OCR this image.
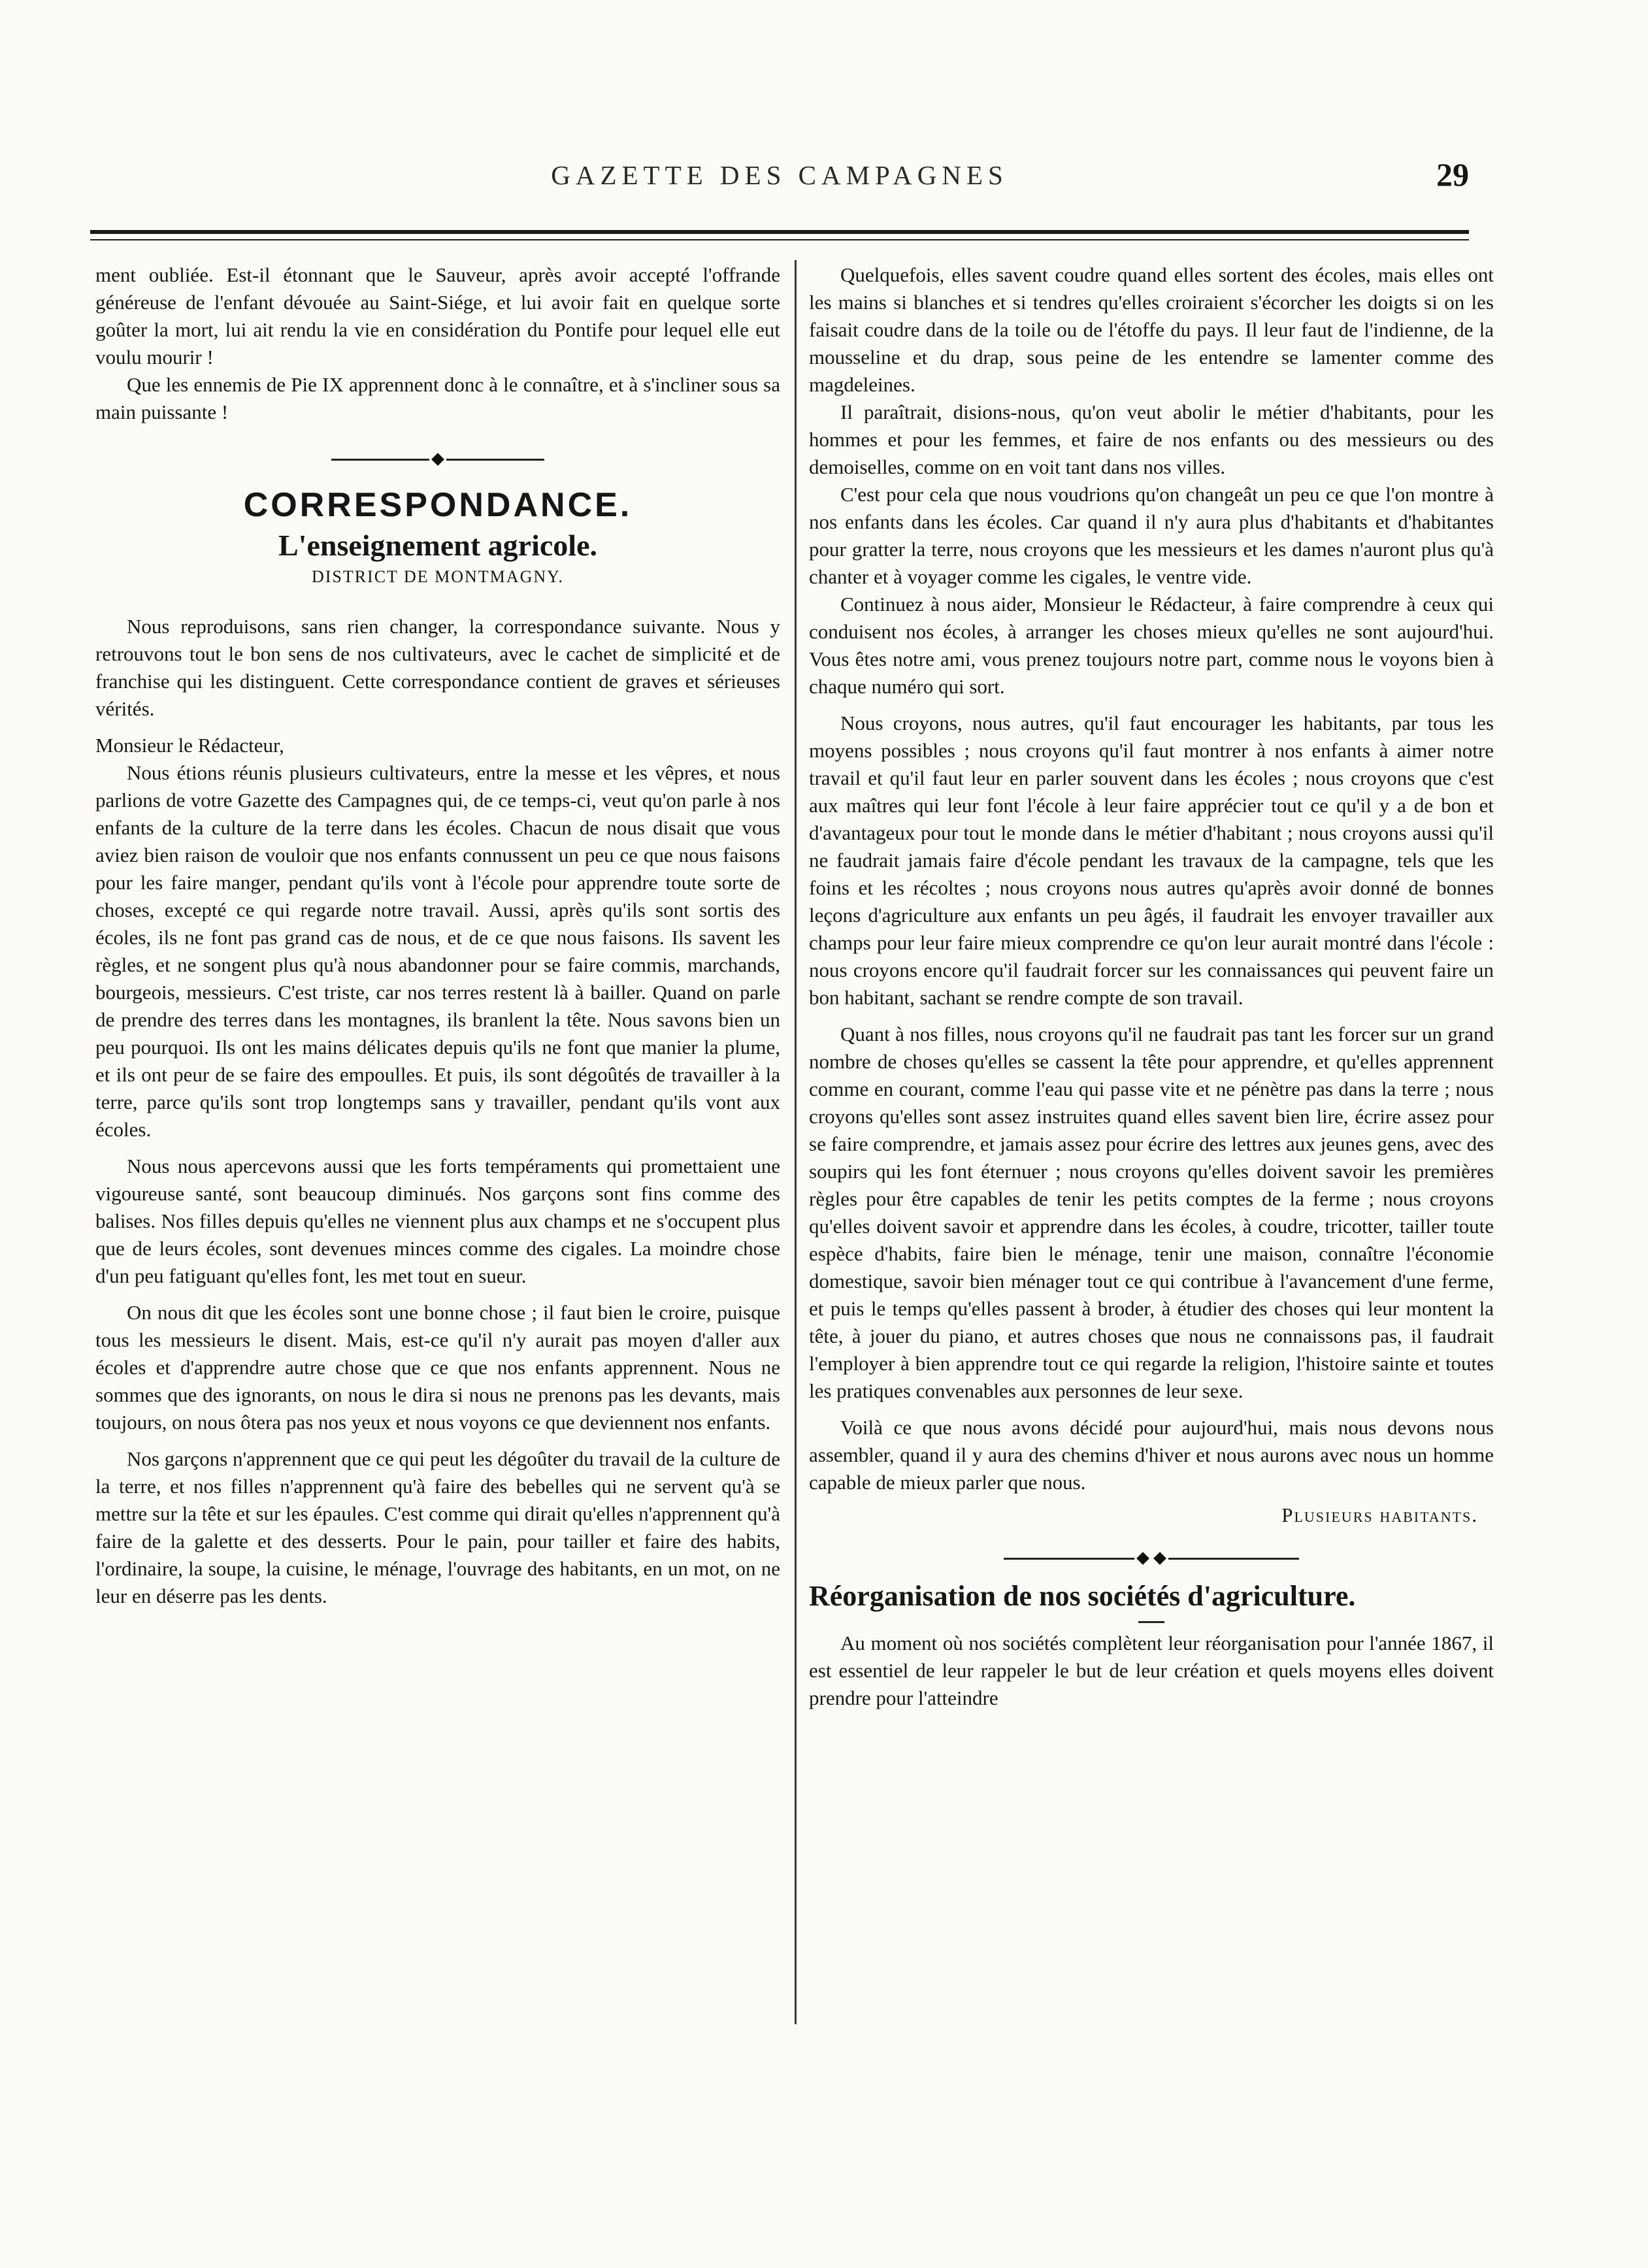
GAZETTE DES CAMPAGNES	29

ment oubliée. Est-il étonnant que le Sauveur, après avoir accepté l'offrande généreuse de l'enfant dévouée au Saint-Siége, et lui avoir fait en quelque sorte goûter la mort, lui ait rendu la vie en considération du Pontife pour lequel elle eut voulu mourir !

Que les ennemis de Pie IX apprennent donc à le connaître, et à s'incliner sous sa main puissante !

CORRESPONDANCE.
L'enseignement agricole.
DISTRICT DE MONTMAGNY.

Nous reproduisons, sans rien changer, la correspondance suivante. Nous y retrouvons tout le bon sens de nos cultivateurs, avec le cachet de simplicité et de franchise qui les distinguent. Cette correspondance contient de graves et sérieuses vérités.

Monsieur le Rédacteur,

Nous étions réunis plusieurs cultivateurs, entre la messe et les vêpres, et nous parlions de votre Gazette des Campagnes qui, de ce temps-ci, veut qu'on parle à nos enfants de la culture de la terre dans les écoles. Chacun de nous disait que vous aviez bien raison de vouloir que nos enfants connussent un peu ce que nous faisons pour les faire manger, pendant qu'ils vont à l'école pour apprendre toute sorte de choses, excepté ce qui regarde notre travail. Aussi, après qu'ils sont sortis des écoles, ils ne font pas grand cas de nous, et de ce que nous faisons. Ils savent les règles, et ne songent plus qu'à nous abandonner pour se faire commis, marchands, bourgeois, messieurs. C'est triste, car nos terres restent là à bailler. Quand on parle de prendre des terres dans les montagnes, ils branlent la tête. Nous savons bien un peu pourquoi. Ils ont les mains délicates depuis qu'ils ne font que manier la plume, et ils ont peur de se faire des empoulles. Et puis, ils sont dégoûtés de travailler à la terre, parce qu'ils sont trop longtemps sans y travailler, pendant qu'ils vont aux écoles.

Nous nous apercevons aussi que les forts tempéraments qui promettaient une vigoureuse santé, sont beaucoup diminués. Nos garçons sont fins comme des balises. Nos filles depuis qu'elles ne viennent plus aux champs et ne s'occupent plus que de leurs écoles, sont devenues minces comme des cigales. La moindre chose d'un peu fatiguant qu'elles font, les met tout en sueur.

On nous dit que les écoles sont une bonne chose ; il faut bien le croire, puisque tous les messieurs le disent. Mais, est-ce qu'il n'y aurait pas moyen d'aller aux écoles et d'apprendre autre chose que ce que nos enfants apprennent. Nous ne sommes que des ignorants, on nous le dira si nous ne prenons pas les devants, mais toujours, on nous ôtera pas nos yeux et nous voyons ce que deviennent nos enfants.

Nos garçons n'apprennent que ce qui peut les dégoûter du travail de la culture de la terre, et nos filles n'apprennent qu'à faire des bebelles qui ne servent qu'à se mettre sur la tête et sur les épaules. C'est comme qui dirait qu'elles n'apprennent qu'à faire de la galette et des desserts. Pour le pain, pour tailler et faire des habits, l'ordinaire, la soupe, la cuisine, le ménage, l'ouvrage des habitants, en un mot, on ne leur en déserre pas les dents.

Quelquefois, elles savent coudre quand elles sortent des écoles, mais elles ont les mains si blanches et si tendres qu'elles croiraient s'écorcher les doigts si on les faisait coudre dans de la toile ou de l'étoffe du pays. Il leur faut de l'indienne, de la mousseline et du drap, sous peine de les entendre se lamenter comme des magdeleines.

Il paraîtrait, disions-nous, qu'on veut abolir le métier d'habitants, pour les hommes et pour les femmes, et faire de nos enfants ou des messieurs ou des demoiselles, comme on en voit tant dans nos villes.

C'est pour cela que nous voudrions qu'on changeât un peu ce que l'on montre à nos enfants dans les écoles. Car quand il n'y aura plus d'habitants et d'habitantes pour gratter la terre, nous croyons que les messieurs et les dames n'auront plus qu'à chanter et à voyager comme les cigales, le ventre vide.

Continuez à nous aider, Monsieur le Rédacteur, à faire comprendre à ceux qui conduisent nos écoles, à arranger les choses mieux qu'elles ne sont aujourd'hui. Vous êtes notre ami, vous prenez toujours notre part, comme nous le voyons bien à chaque numéro qui sort.

Nous croyons, nous autres, qu'il faut encourager les habitants, par tous les moyens possibles ; nous croyons qu'il faut montrer à nos enfants à aimer notre travail et qu'il faut leur en parler souvent dans les écoles ; nous croyons que c'est aux maîtres qui leur font l'école à leur faire apprécier tout ce qu'il y a de bon et d'avantageux pour tout le monde dans le métier d'habitant ; nous croyons aussi qu'il ne faudrait jamais faire d'école pendant les travaux de la campagne, tels que les foins et les récoltes ; nous croyons nous autres qu'après avoir donné de bonnes leçons d'agriculture aux enfants un peu âgés, il faudrait les envoyer travailler aux champs pour leur faire mieux comprendre ce qu'on leur aurait montré dans l'école : nous croyons encore qu'il faudrait forcer sur les connaissances qui peuvent faire un bon habitant, sachant se rendre compte de son travail.

Quant à nos filles, nous croyons qu'il ne faudrait pas tant les forcer sur un grand nombre de choses qu'elles se cassent la tête pour apprendre, et qu'elles apprennent comme en courant, comme l'eau qui passe vite et ne pénètre pas dans la terre ; nous croyons qu'elles sont assez instruites quand elles savent bien lire, écrire assez pour se faire comprendre, et jamais assez pour écrire des lettres aux jeunes gens, avec des soupirs qui les font éternuer ; nous croyons qu'elles doivent savoir les premières règles pour être capables de tenir les petits comptes de la ferme ; nous croyons qu'elles doivent savoir et apprendre dans les écoles, à coudre, tricotter, tailler toute espèce d'habits, faire bien le ménage, tenir une maison, connaître l'économie domestique, savoir bien ménager tout ce qui contribue à l'avancement d'une ferme, et puis le temps qu'elles passent à broder, à étudier des choses qui leur montent la tête, à jouer du piano, et autres choses que nous ne connaissons pas, il faudrait l'employer à bien apprendre tout ce qui regarde la religion, l'histoire sainte et toutes les pratiques convenables aux personnes de leur sexe.

Voilà ce que nous avons décidé pour aujourd'hui, mais nous devons nous assembler, quand il y aura des chemins d'hiver et nous aurons avec nous un homme capable de mieux parler que nous.

Plusieurs habitants.
Réorganisation de nos sociétés d'agriculture.

Au moment où nos sociétés complètent leur réorganisation pour l'année 1867, il est essentiel de leur rappeler le but de leur création et quels moyens elles doivent prendre pour l'atteindre
